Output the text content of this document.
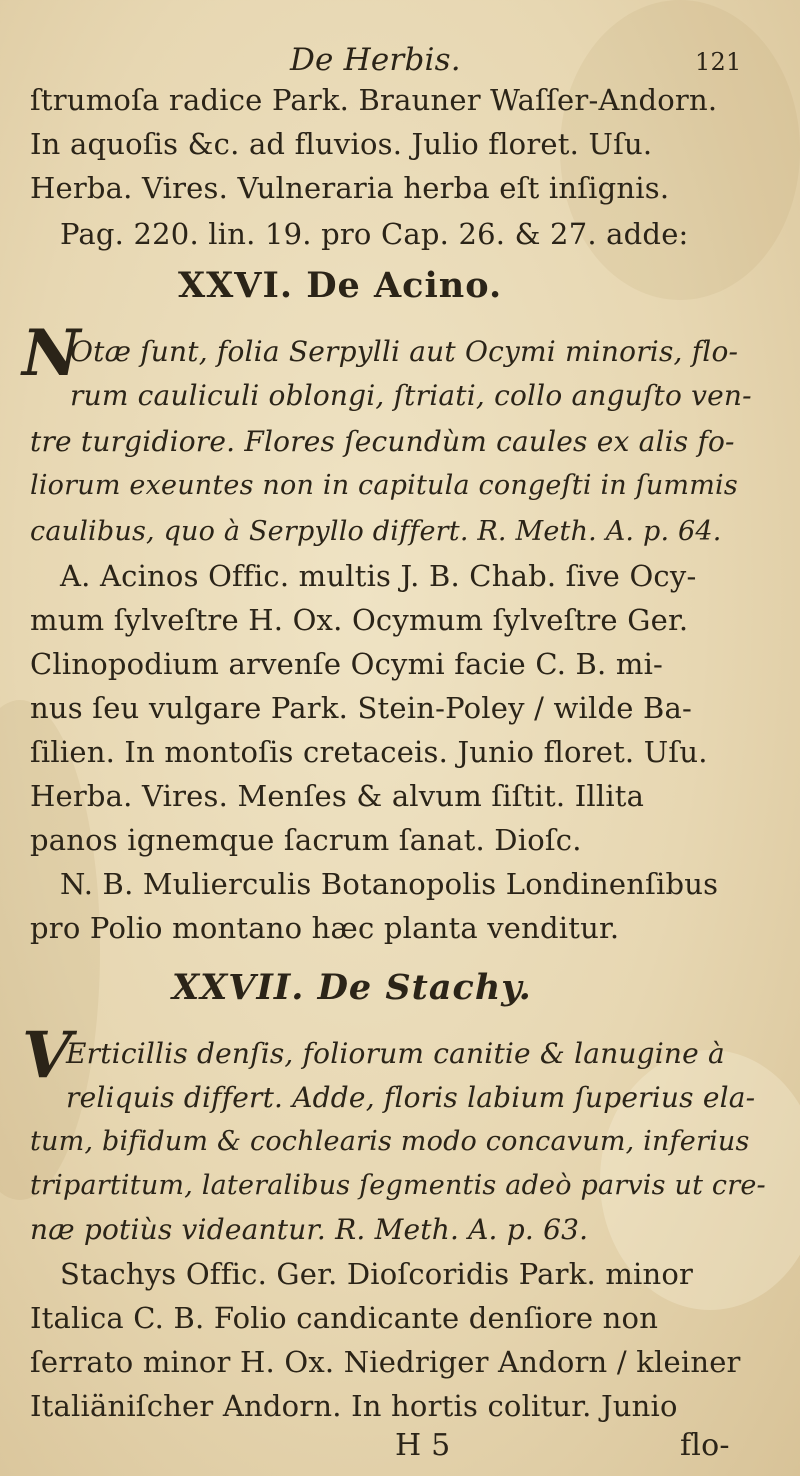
De Herbis.	121
ſtrumoſa radice Park. Brauner Waſſer-Andorn.
In aquoſis &c. ad fluvios. Julio floret. Uſu.
Herba. Vires. Vulneraria herba eſt inſignis.
Pag. 220. lin. 19. pro Cap. 26. & 27. adde:
XXVI. De Acino.
N
Otæ ſunt, folia Serpylli aut Ocymi minoris, flo-
rum cauliculi oblongi, ſtriati, collo anguſto ven-
tre turgidiore. Flores ſecundùm caules ex alis fo-
liorum exeuntes non in capitula congeſti in ſummis
caulibus, quo à Serpyllo differt. R. Meth. A. p. 64.
A. Acinos Offic. multis J. B. Chab. ſive Ocy-
mum ſylveſtre H. Ox. Ocymum ſylveſtre Ger.
Clinopodium arvenſe Ocymi facie C. B. mi-
nus ſeu vulgare Park. Stein-Poley / wilde Ba-
ſilien. In montoſis cretaceis. Junio floret. Uſu.
Herba. Vires. Menſes & alvum ſiſtit. Illita
panos ignemque ſacrum ſanat. Dioſc.
N. B. Mulierculis Botanopolis Londinenſibus
pro Polio montano hæc planta venditur.
XXVII. De Stachy.
V
Erticillis denſis, foliorum canitie & lanugine à
reliquis differt. Adde, floris labium ſuperius ela-
tum, bifidum & cochlearis modo concavum, inferius
tripartitum, lateralibus ſegmentis adeò parvis ut cre-
næ potiùs videantur. R. Meth. A. p. 63.
Stachys Offic. Ger. Dioſcoridis Park. minor
Italica C. B. Folio candicante denſiore non
ſerrato minor H. Ox. Niedriger Andorn / kleiner
Italiäniſcher Andorn. In hortis colitur. Junio
H 5	flo-
